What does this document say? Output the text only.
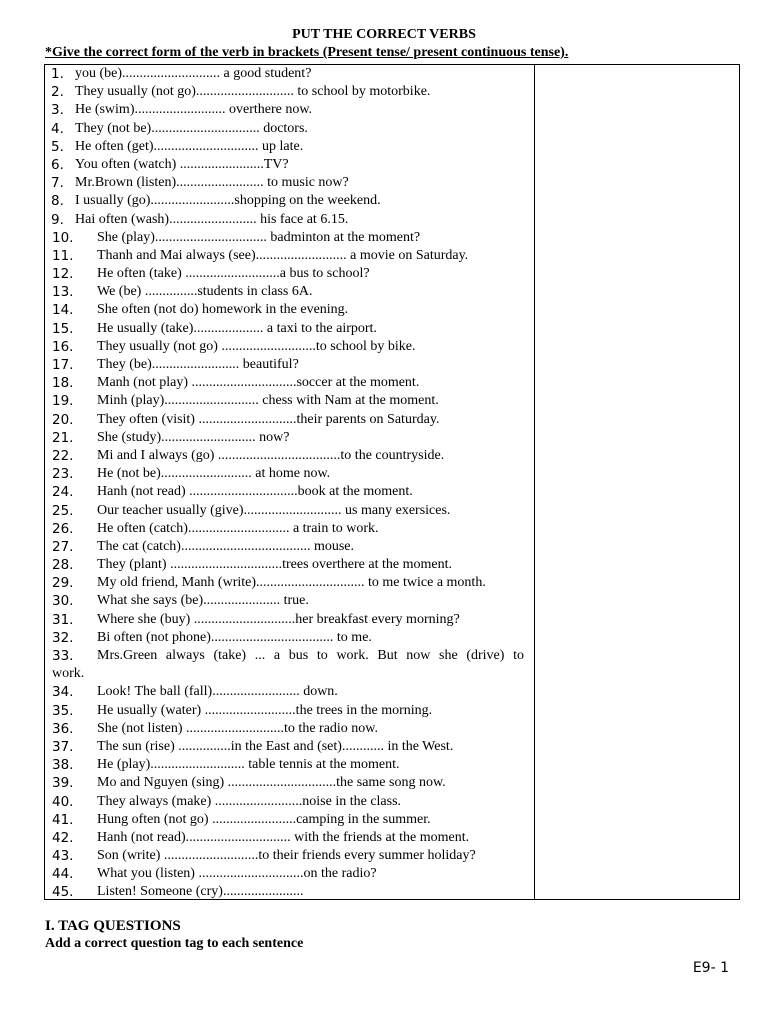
PUT THE CORRECT VERBS
*Give the correct form of the verb in brackets (Present tense/ present continuous tense).
1. you (be)............................ a good student?
2. They usually (not go)............................ to school by motorbike.
3. He (swim).......................... overthere now.
4. They (not be)............................... doctors.
5. He often (get).............................. up late.
6. You often (watch) ........................TV?
7. Mr.Brown (listen)......................... to music now?
8. I usually (go)........................shopping on the weekend.
9. Hai often (wash)......................... his face at 6.15.
10. She (play)................................ badminton at the moment?
11. Thanh and Mai always (see).......................... a movie on Saturday.
12. He often (take) ...........................a bus to school?
13. We (be) ...............students in class 6A.
14. She often (not do) homework in the evening.
15. He usually (take).................... a taxi to the airport.
16. They usually (not go) ...........................to school by bike.
17. They (be)......................... beautiful?
18. Manh (not play) ..............................soccer at the moment.
19. Minh (play)........................... chess with Nam at the moment.
20. They often (visit) ............................their parents on Saturday.
21. She (study)........................... now?
22. Mi and I always (go) ...................................to the countryside.
23. He (not be).......................... at home now.
24. Hanh (not read) ...............................book at the moment.
25. Our teacher usually (give)............................ us many exersices.
26. He often (catch)............................. a train to work.
27. The cat (catch)..................................... mouse.
28. They (plant) ................................trees overthere at the moment.
29. My old friend, Manh (write)............................... to me twice a month.
30. What she says (be)...................... true.
31. Where she (buy) .............................her breakfast every morning?
32. Bi often (not phone)................................... to me.
33. Mrs.Green always (take) ... a bus to work. But now she (drive) to
work.
34. Look! The ball (fall)......................... down.
35. He usually (water) ..........................the trees in the morning.
36. She (not listen) ............................to the radio now.
37. The sun (rise) ...............in the East and (set)............ in the West.
38. He (play)........................... table tennis at the moment.
39. Mo and Nguyen (sing) ...............................the same song now.
40. They always (make) .........................noise in the class.
41. Hung often (not go) ........................camping in the summer.
42. Hanh (not read).............................. with the friends at the moment.
43. Son (write) ...........................to their friends every summer holiday?
44. What you (listen) ..............................on the radio?
45. Listen! Someone (cry).......................
I. TAG QUESTIONS
Add a correct question tag to each sentence
E9- 1
